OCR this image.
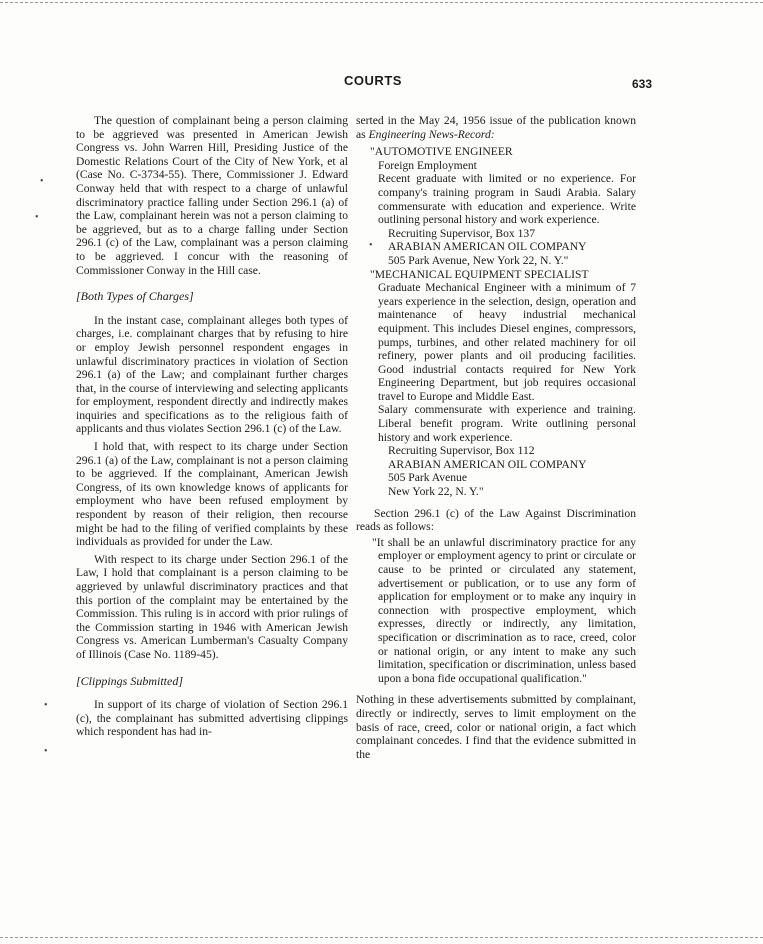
COURTS	633
•
•
•
•
•

The question of complainant being a person claiming to be aggrieved was presented in American Jewish Congress vs. John Warren Hill, Presiding Justice of the Domestic Relations Court of the City of New York, et al (Case No. C-3734-55). There, Commissioner J. Edward Conway held that with respect to a charge of unlawful discriminatory practice falling under Section 296.1 (a) of the Law, complainant herein was not a person claiming to be aggrieved, but as to a charge falling under Section 296.1 (c) of the Law, complainant was a person claiming to be aggrieved. I concur with the reasoning of Commissioner Conway in the Hill case.

[Both Types of Charges]

In the instant case, complainant alleges both types of charges, i.e. complainant charges that by refusing to hire or employ Jewish personnel respondent engages in unlawful discriminatory practices in violation of Section 296.1 (a) of the Law; and complainant further charges that, in the course of interviewing and selecting applicants for employment, respondent directly and indirectly makes inquiries and specifications as to the religious faith of applicants and thus violates Section 296.1 (c) of the Law.

I hold that, with respect to its charge under Section 296.1 (a) of the Law, complainant is not a person claiming to be aggrieved. If the complainant, American Jewish Congress, of its own knowledge knows of applicants for employment who have been refused employment by respondent by reason of their religion, then recourse might be had to the filing of verified complaints by these individuals as provided for under the Law.

With respect to its charge under Section 296.1 of the Law, I hold that complainant is a person claiming to be aggrieved by unlawful discriminatory practices and that this portion of the complaint may be entertained by the Commission. This ruling is in accord with prior rulings of the Commission starting in 1946 with American Jewish Congress vs. American Lumberman's Casualty Company of Illinois (Case No. 1189-45).

[Clippings Submitted]

In support of its charge of violation of Section 296.1 (c), the complainant has submitted advertising clippings which respondent has had in-

serted in the May 24, 1956 issue of the publication known as Engineering News-Record:

"AUTOMOTIVE ENGINEER
Foreign Employment
Recent graduate with limited or no experience. For company's training program in Saudi Arabia. Salary commensurate with education and experience. Write outlining personal history and work experience.
Recruiting Supervisor, Box 137
ARABIAN AMERICAN OIL COMPANY
505 Park Avenue, New York 22, N. Y."
"MECHANICAL EQUIPMENT SPECIALIST
Graduate Mechanical Engineer with a minimum of 7 years experience in the selection, design, operation and maintenance of heavy industrial mechanical equipment. This includes Diesel engines, compressors, pumps, turbines, and other related machinery for oil refinery, power plants and oil producing facilities. Good industrial contacts required for New York Engineering Department, but job requires occasional travel to Europe and Middle East.
Salary commensurate with experience and training. Liberal benefit program. Write outlining personal history and work experience.
Recruiting Supervisor, Box 112
ARABIAN AMERICAN OIL COMPANY
505 Park Avenue
New York 22, N. Y."

Section 296.1 (c) of the Law Against Discrimination reads as follows:

"It shall be an unlawful discriminatory practice for any employer or employment agency to print or circulate or cause to be printed or circulated any statement, advertisement or publication, or to use any form of application for employment or to make any inquiry in connection with prospective employment, which expresses, directly or indirectly, any limitation, specification or discrimination as to race, creed, color or national origin, or any intent to make any such limitation, specification or discrimination, unless based upon a bona fide occupational qualification."

Nothing in these advertisements submitted by complainant, directly or indirectly, serves to limit employment on the basis of race, creed, color or national origin, a fact which complainant concedes. I find that the evidence submitted in the
